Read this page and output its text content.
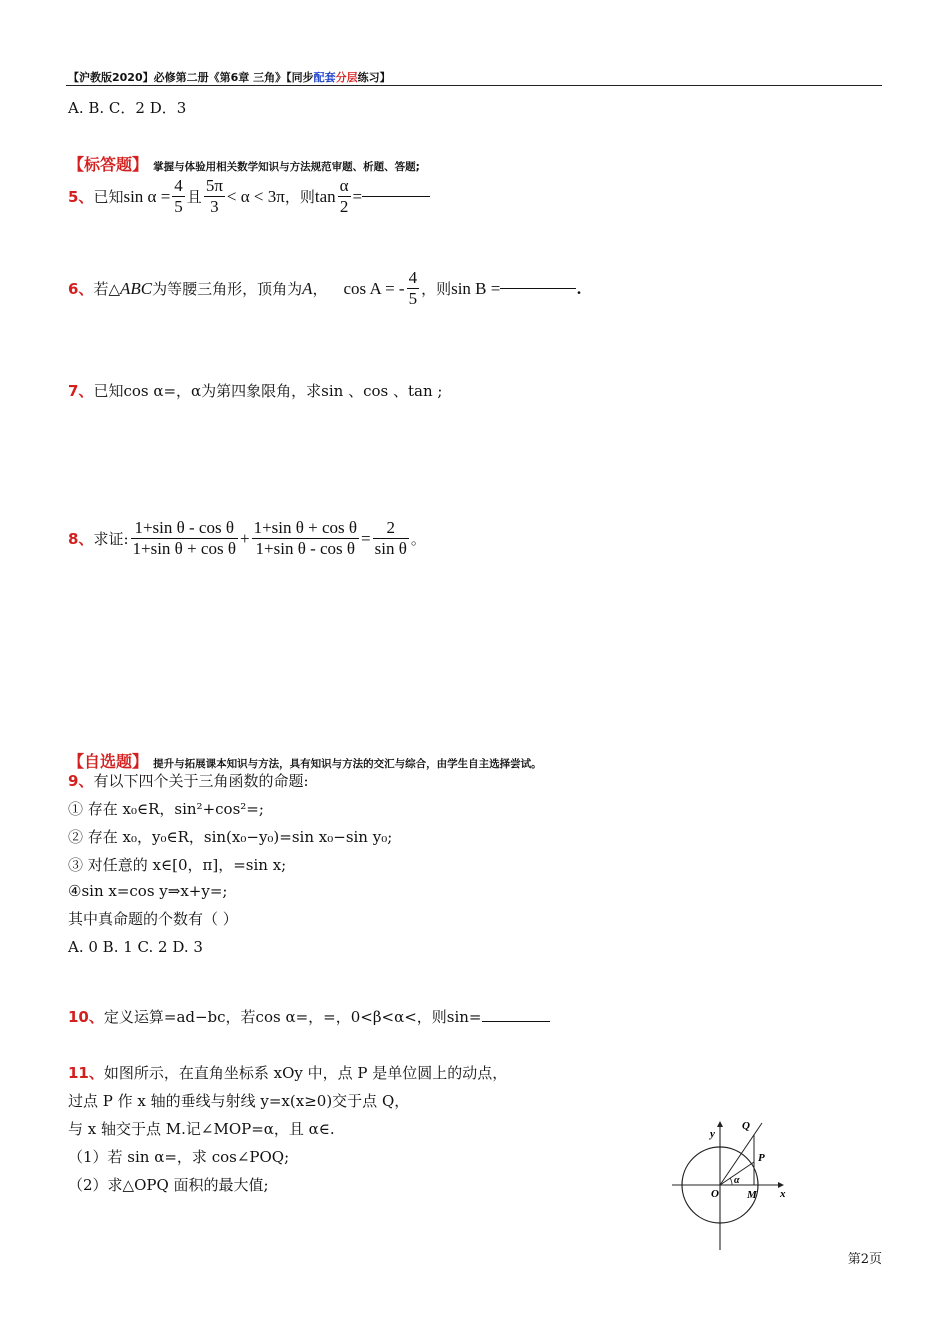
【沪教版2020】必修第二册《第6章 三角》【同步配套分层练习】
A. B. C．2 D．3
【标答题】 掌握与体验用相关数学知识与方法规范审题、析题、答题;
5、 已知 $\sin \alpha = \frac{4}{5}$ 且 $\frac{5\pi}{3} < \alpha < 3\pi$ ，则 $\tan \frac{\alpha}{2}$ =
6、 若△ ABC 为等腰三角形，顶角为 A ， cos A = - $\frac{4}{5}$ ，则 sin B =	.
7、已知cos α=，α为第四象限角，求sin 、cos 、tan ;
8、 求证: $\frac{\text{1+sin θ - cos θ}}{\text{1+sin θ + cos θ}} + \frac{\text{1+sin θ + cos θ}}{\text{1+sin θ - cos θ}} = \frac{2}{\text{sin θ}}$ 。
【自选题】 提升与拓展课本知识与方法，具有知识与方法的交汇与综合，由学生自主选择尝试。
9、有以下四个关于三角函数的命题:
① 存在 x₀∈R，sin²+cos²=;
② 存在 x₀，y₀∈R，sin(x₀−y₀)=sin x₀−sin y₀;
③ 对任意的 x∈[0，π]，=sin x;
④sin x=cos y⇒x+y=;
其中真命题的个数有（ ）
A. 0 B. 1 C. 2 D. 3
10、定义运算=ad−bc，若cos α=，=，0<β<α<，则sin=
11、如图所示，在直角坐标系 xOy 中，点 P 是单位圆上的动点，
过点 P 作 x 轴的垂线与射线 y=x(x≥0)交于点 Q，
与 x 轴交于点 M.记∠MOP=α，且 α∈.
（1）若 sin α=，求 cos∠POQ;
（2）求△OPQ 面积的最大值;
y
x
O	M
P
Q
α
第2页
